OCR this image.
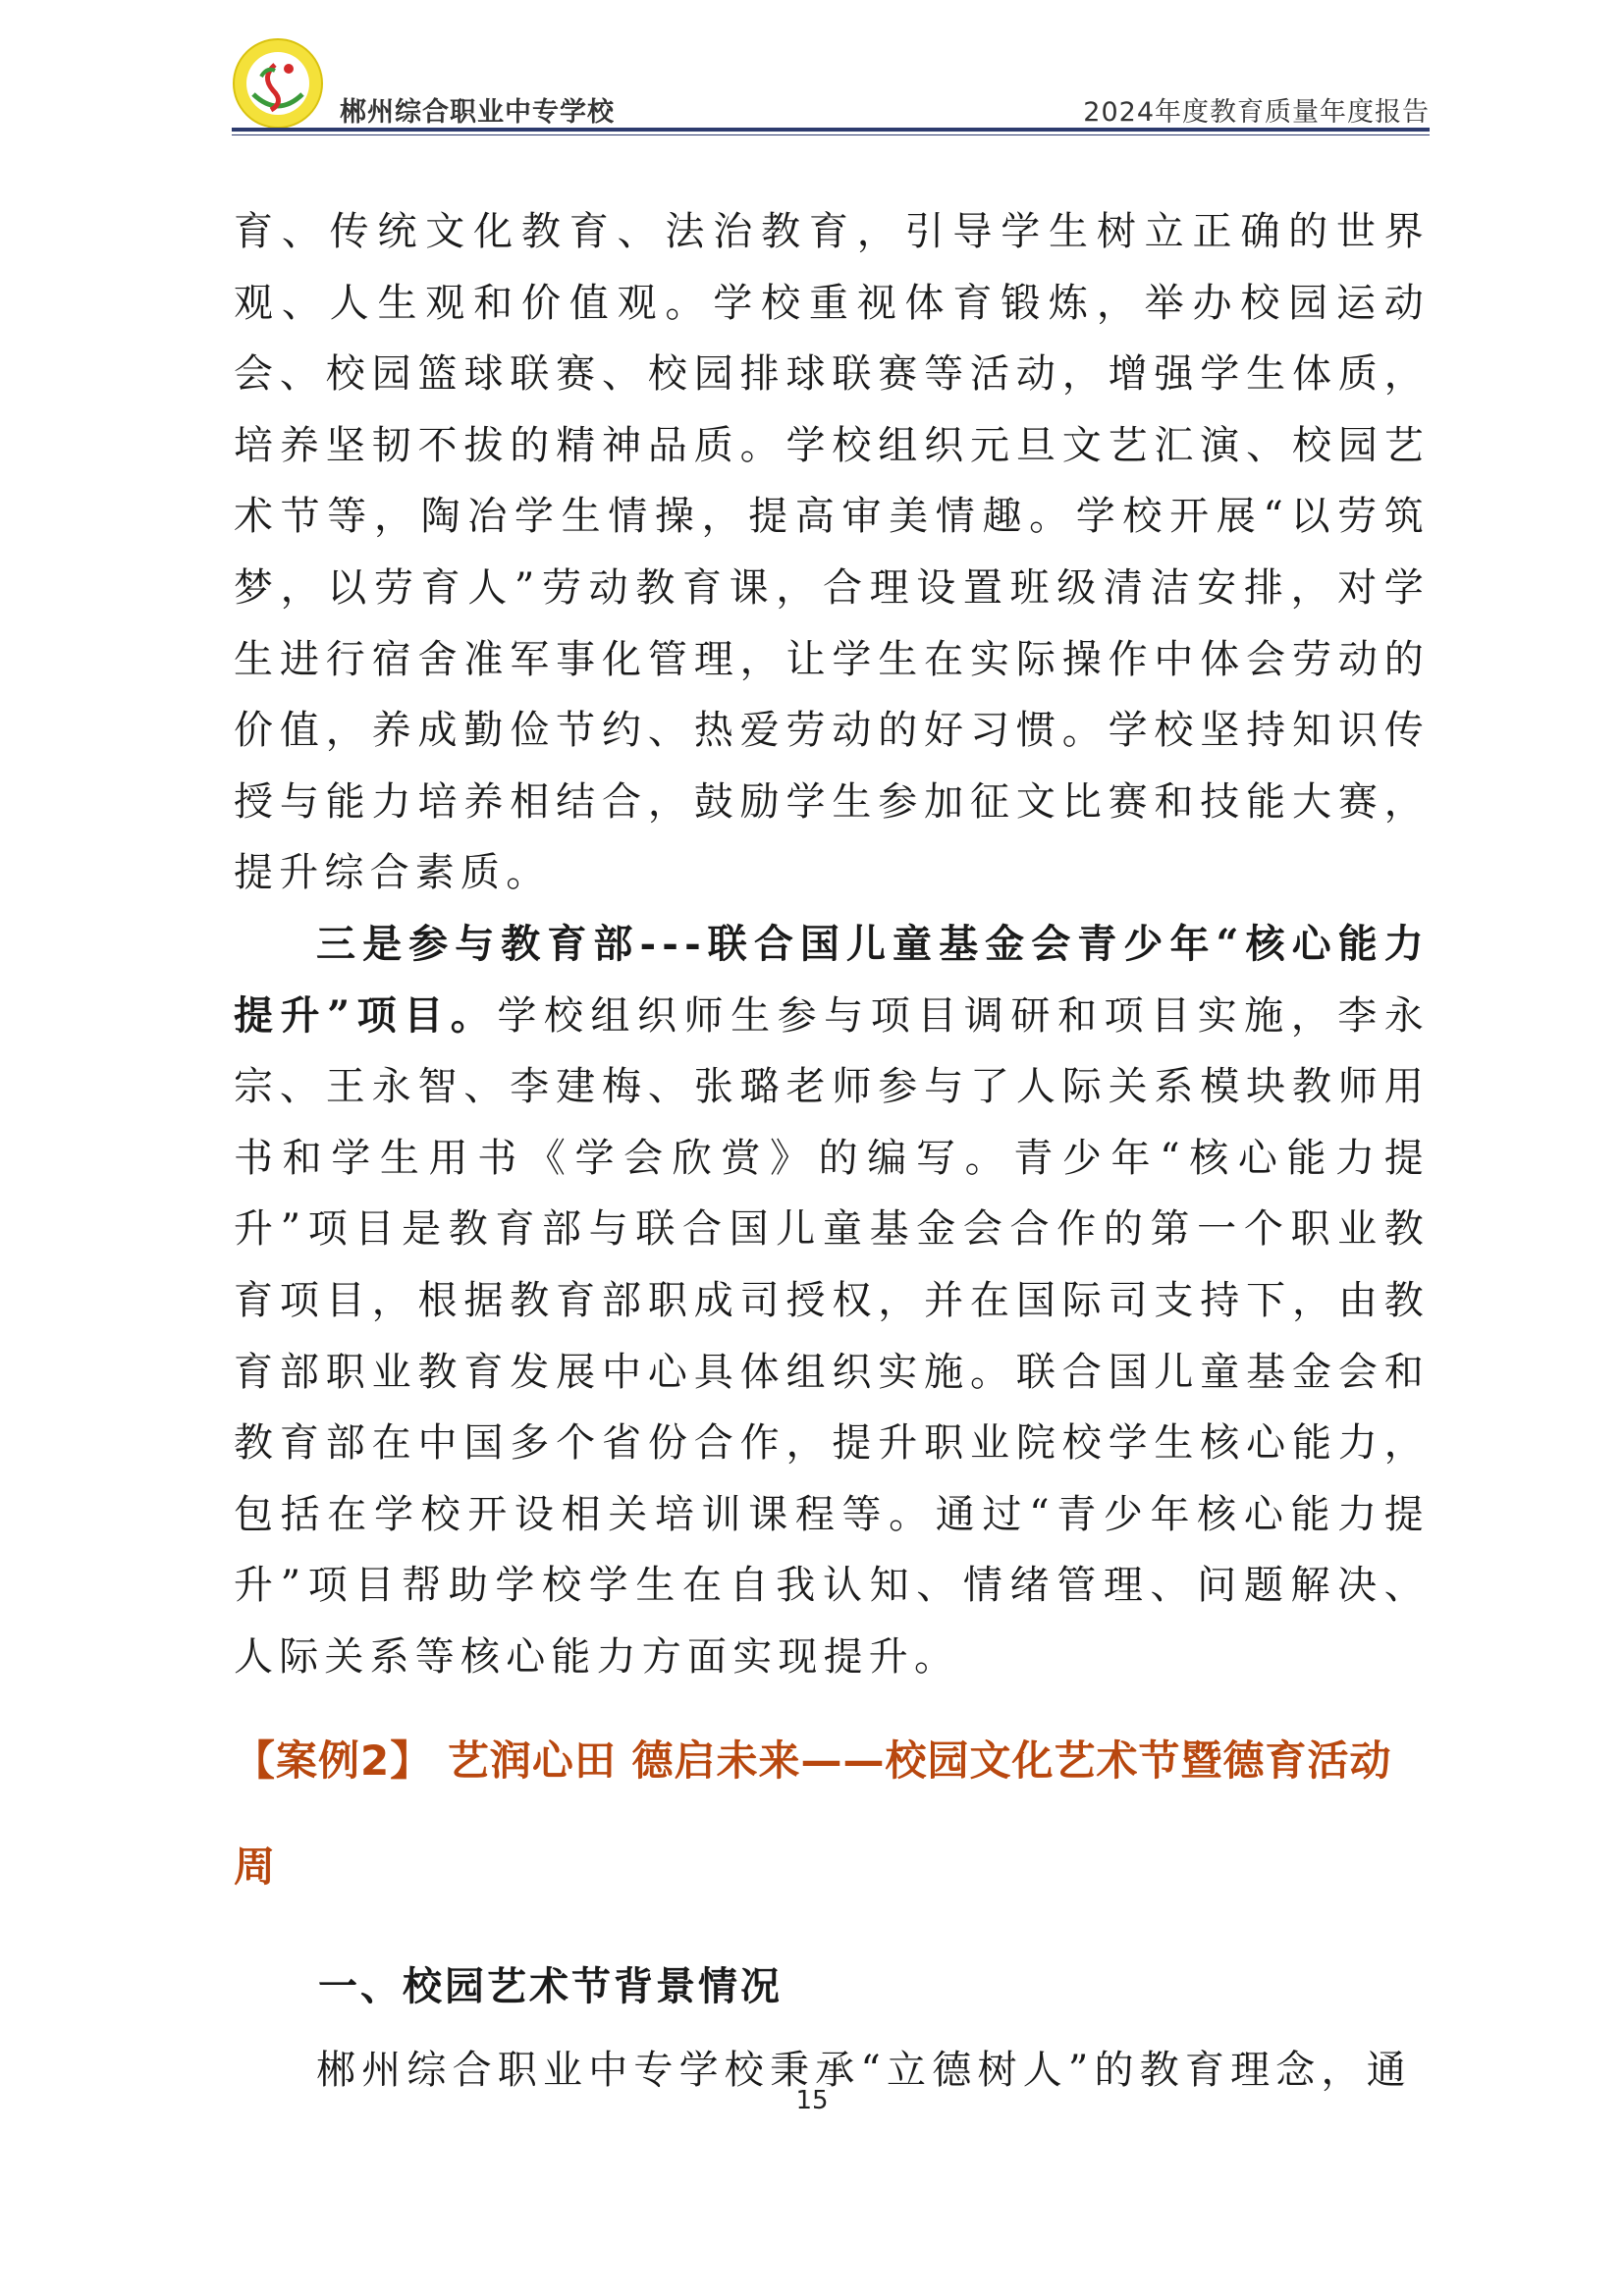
郴州综合职业中专学校	2024年度教育质量年度报告

育、传统文化教育、法治教育，引导学生树立正确的世界观、人生观和价值观。学校重视体育锻炼，举办校园运动会、校园篮球联赛、校园排球联赛等活动，增强学生体质，培养坚韧不拔的精神品质。学校组织元旦文艺汇演、校园艺术节等，陶冶学生情操，提高审美情趣。学校开展“以劳筑梦，以劳育人”劳动教育课，合理设置班级清洁安排，对学生进行宿舍准军事化管理，让学生在实际操作中体会劳动的价值，养成勤俭节约、热爱劳动的好习惯。学校坚持知识传授与能力培养相结合，鼓励学生参加征文比赛和技能大赛，提升综合素质。

三是参与教育部---联合国儿童基金会青少年“核心能力提升”项目。学校组织师生参与项目调研和项目实施，李永宗、王永智、李建梅、张璐老师参与了人际关系模块教师用书和学生用书《学会欣赏》的编写。青少年“核心能力提升”项目是教育部与联合国儿童基金会合作的第一个职业教育项目，根据教育部职成司授权，并在国际司支持下，由教育部职业教育发展中心具体组织实施。联合国儿童基金会和教育部在中国多个省份合作，提升职业院校学生核心能力，包括在学校开设相关培训课程等。通过“青少年核心能力提升”项目帮助学校学生在自我认知、情绪管理、问题解决、人际关系等核心能力方面实现提升。

【案例2】 艺润心田 德启未来——校园文化艺术节暨德育活动周

一、校园艺术节背景情况

郴州综合职业中专学校秉承“立德树人”的教育理念，通

15
